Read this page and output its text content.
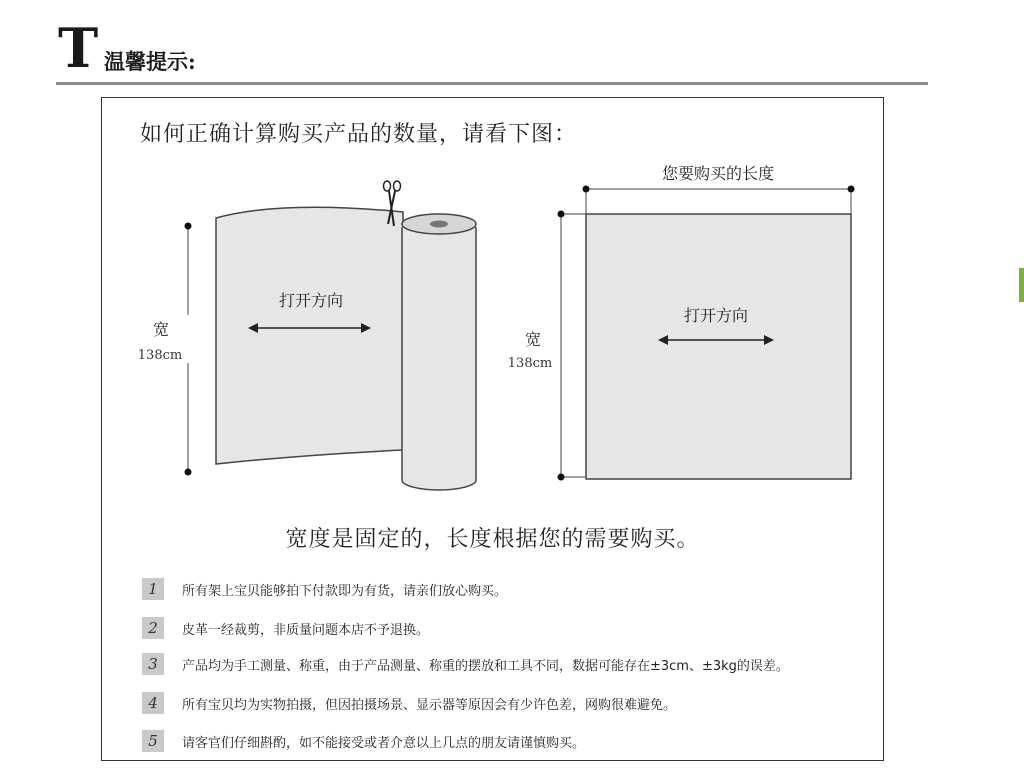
T 温馨提示:
如何正确计算购买产品的数量，请看下图：
宽
138cm
打开方向
您要购买的长度
宽
138cm
打开方向
宽度是固定的，长度根据您的需要购买。
1	所有架上宝贝能够拍下付款即为有货，请亲们放心购买。
2	皮革一经裁剪，非质量问题本店不予退换。
3	产品均为手工测量、称重，由于产品测量、称重的摆放和工具不同，数据可能存在±3cm、±3kg的误差。
4	所有宝贝均为实物拍摄，但因拍摄场景、显示器等原因会有少许色差，网购很难避免。
5	请客官们仔细斟酌，如不能接受或者介意以上几点的朋友请谨慎购买。
